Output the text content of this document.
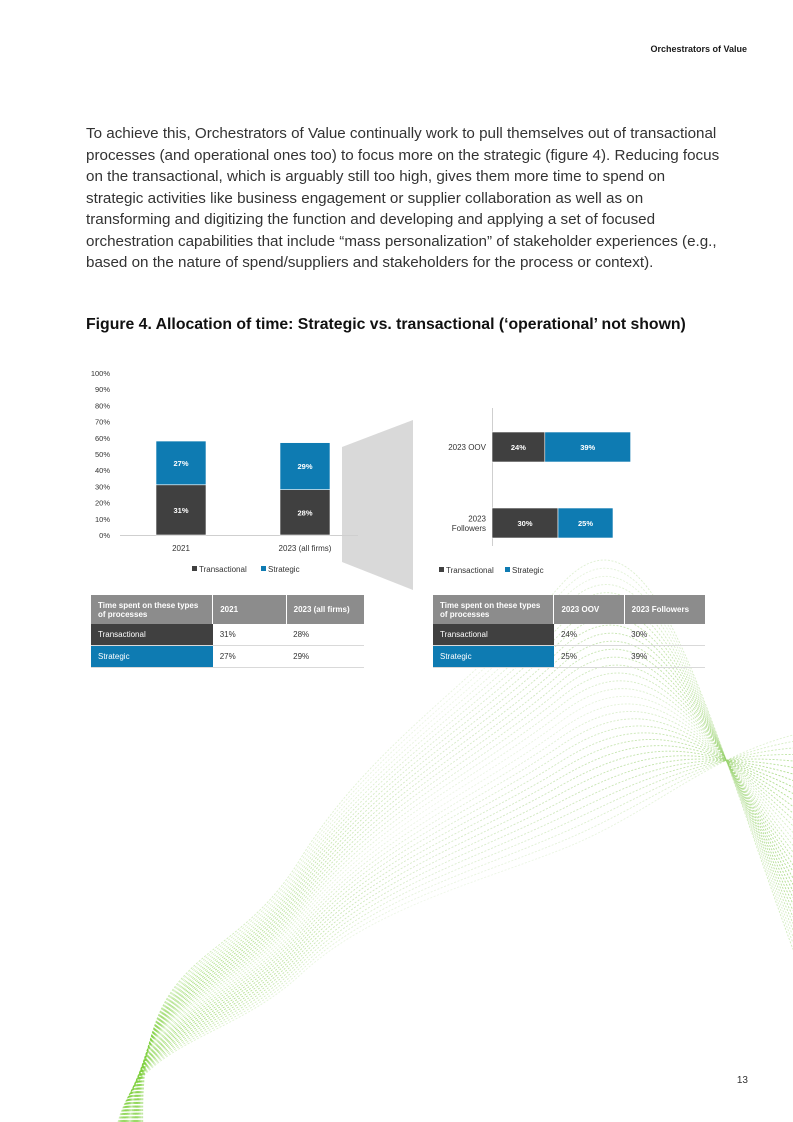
Orchestrators of Value

To achieve this, Orchestrators of Value continually work to pull themselves out of transactional processes (and operational ones too) to focus more on the strategic (figure 4). Reducing focus on the transactional, which is arguably still too high, gives them more time to spend on strategic activities like business engagement or supplier collaboration as well as on transforming and digitizing the function and developing and applying a set of focused orchestration capabilities that include “mass personalization” of stakeholder experiences (e.g., based on the nature of spend/suppliers and stakeholders for the process or context).

Figure 4. Allocation of time: Strategic vs. transactional (‘operational’ not shown)
0%
10%
20%
30%
40%
50%
60%
70%
80%
90%
100%
31%
27%
2021
28%
29%
2023 (all firms)
Transactional	Strategic
24%	39%
2023 OOV
30%	25%
2023
Followers
Transactional Strategic
Time spent on these types of processes	2021	2023 (all firms)
Transactional	31%	28%
Strategic	27%	29%
Time spent on these types of processes	2023 OOV	2023 Followers
Transactional	24%	30%
Strategic	25%	39%
13
